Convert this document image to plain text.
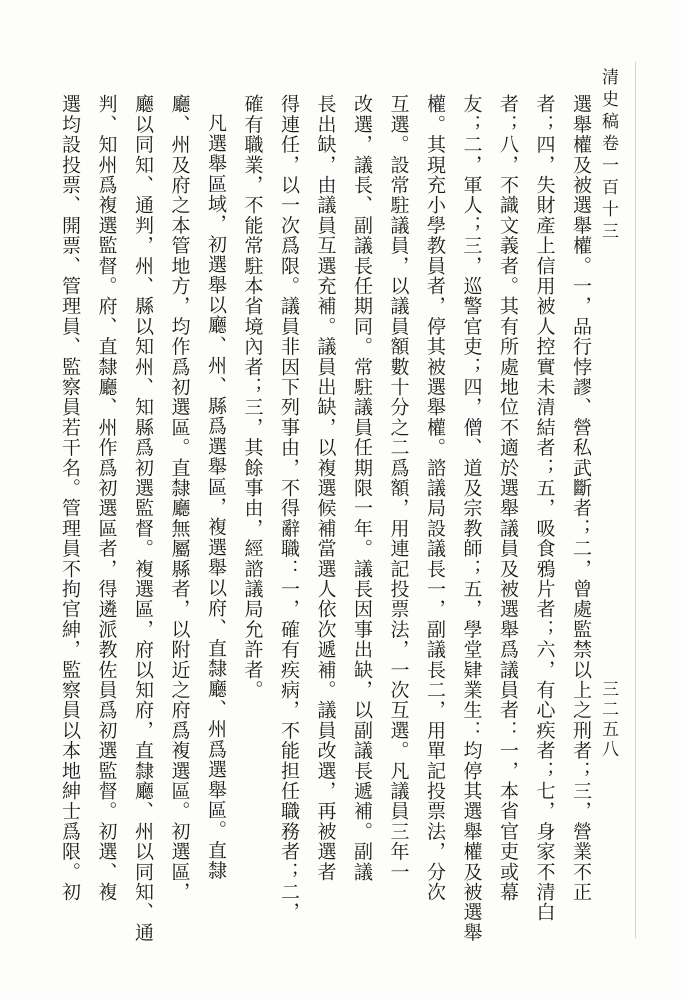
清史稿卷一百十三
三二五八
選舉權及被選舉權。一，品行悖謬、營私武斷者；二，曾處監禁以上之刑者；三，營業不正
者；四，失財產上信用被人控實未清結者；五，吸食鴉片者；六，有心疾者；七，身家不清白
者；八，不識文義者。其有所處地位不適於選舉議員及被選舉爲議員者：一，本省官吏或幕
友；二，軍人；三，巡警官吏；四，僧、道及宗教師；五，學堂肄業生：均停其選舉權及被選舉
權。其現充小學教員者，停其被選舉權。諮議局設議長一，副議長二，用單記投票法，分次
互選。設常駐議員，以議員額數十分之二爲額，用連記投票法，一次互選。凡議員三年一
改選，議長、副議長任期同。常駐議員任期限一年。議長因事出缺，以副議長遞補。副議
長出缺，由議員互選充補。議員出缺，以複選候補當選人依次遞補。議員改選，再被選者
得連任，以一次爲限。議員非因下列事由，不得辭職：一，確有疾病，不能担任職務者；二，
確有職業，不能常駐本省境內者；三，其餘事由，經諮議局允許者。
凡選舉區域，初選舉以廳、州、縣爲選舉區，複選舉以府、直隸廳、州爲選舉區。直隸
廳、州及府之本管地方，均作爲初選區。直隸廳無屬縣者，以附近之府爲複選區。初選區，
廳以同知、通判，州、縣以知州、知縣爲初選監督。複選區，府以知府，直隸廳、州以同知、通
判、知州爲複選監督。府、直隸廳、州作爲初選區者，得遴派教佐員爲初選監督。初選、複
選均設投票、開票、管理員、監察員若干名。管理員不拘官紳，監察員以本地紳士爲限。初
